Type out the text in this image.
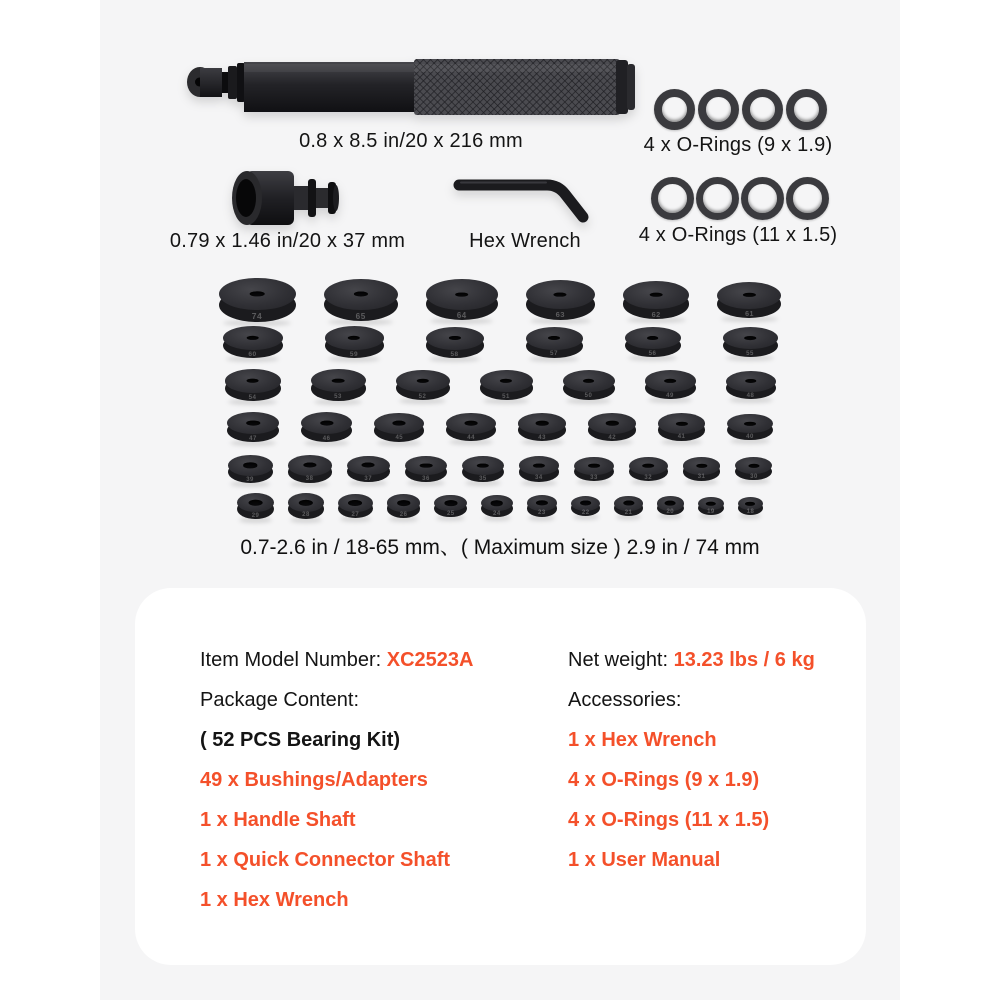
0.8 x 8.5 in/20 x 216 mm	4 x O-Rings (9 x 1.9)
4 x O-Rings (11 x 1.5)
0.79 x 1.46 in/20 x 37 mm	Hex Wrench
74	65	64	63	62	61
60	59	58	57	56	55
54	53	52	51	50	49	48
47	46	45	44	43	42	41	40
39	38	37	36	35	34	33	32	31	30
29	28	27	26	25	24	23	22	21	20	19	18
0.7-2.6 in / 18-65 mm、( Maximum size ) 2.9 in / 74 mm
Item Model Number: XC2523A
Package Content:
( 52 PCS Bearing Kit)
49 x Bushings/Adapters
1 x Handle Shaft
1 x Quick Connector Shaft
1 x Hex Wrench
Net weight: 13.23 lbs / 6 kg
Accessories:
1 x Hex Wrench
4 x O-Rings (9 x 1.9)
4 x O-Rings (11 x 1.5)
1 x User Manual
